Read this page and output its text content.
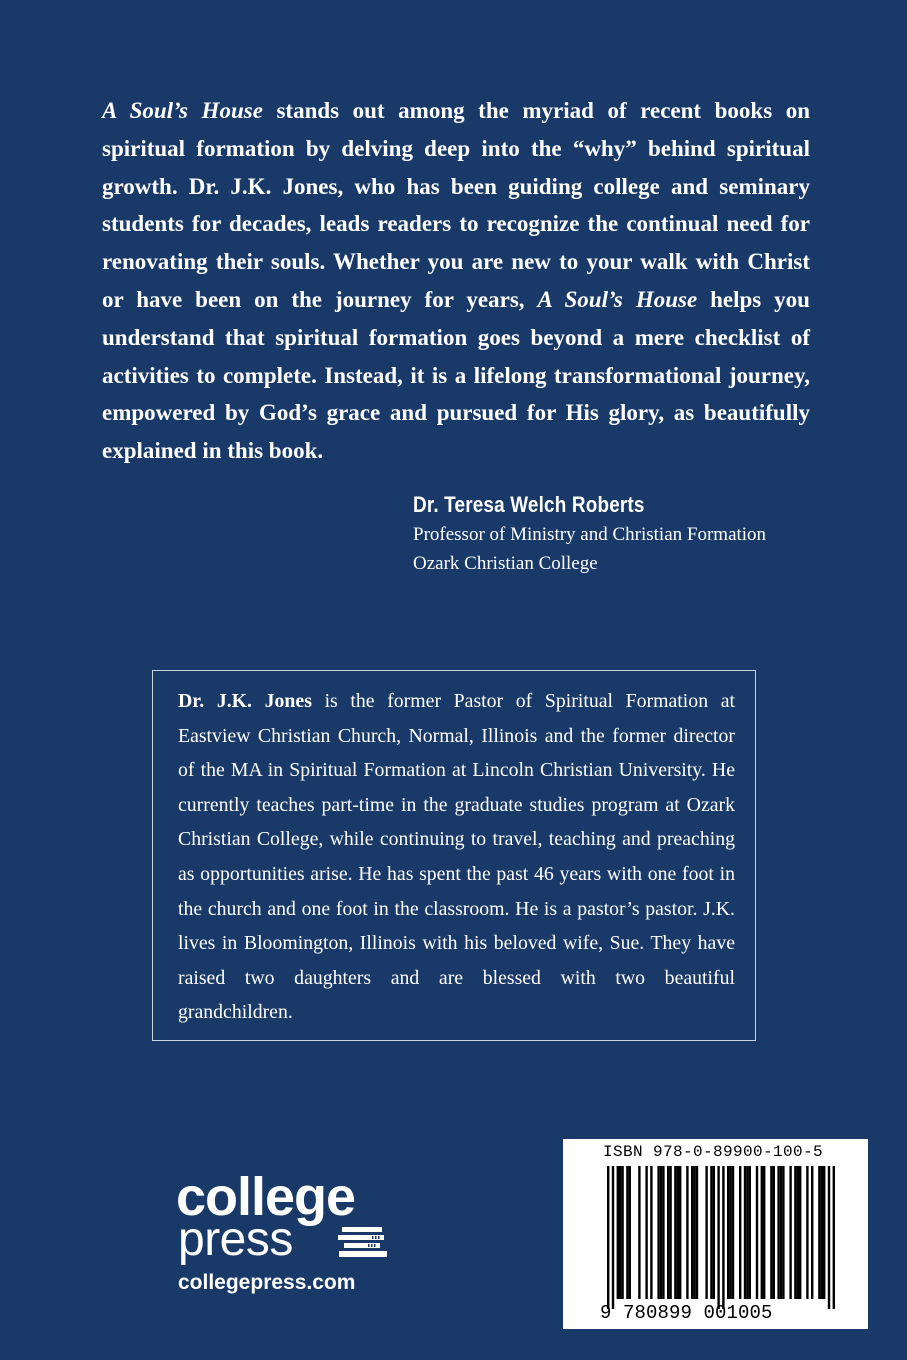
A Soul’s House stands out among the myriad of recent books on spiritual formation by delving deep into the “why” behind spiritual growth. Dr. J.K. Jones, who has been guiding college and seminary students for decades, leads readers to recognize the continual need for renovating their souls. Whether you are new to your walk with Christ or have been on the journey for years, A Soul’s House helps you understand that spiritual formation goes beyond a mere checklist of activities to complete. Instead, it is a lifelong transformational journey, empowered by God’s grace and pursued for His glory, as beautifully explained in this book.

Dr. Teresa Welch Roberts
Professor of Ministry and Christian Formation
Ozark Christian College

Dr. J.K. Jones is the former Pastor of Spiritual Formation at Eastview Christian Church, Normal, Illinois and the former director of the MA in Spiritual Formation at Lincoln Christian University. He currently teaches part-time in the graduate studies program at Ozark Christian College, while continuing to travel, teaching and preaching as opportunities arise. He has spent the past 46 years with one foot in the church and one foot in the classroom. He is a pastor’s pastor. J.K. lives in Bloomington, Illinois with his beloved wife, Sue. They have raised two daughters and are blessed with two beautiful grandchildren.

college
press
collegepress.com
ISBN 978-0-89900-100-5
9 780899 001005
